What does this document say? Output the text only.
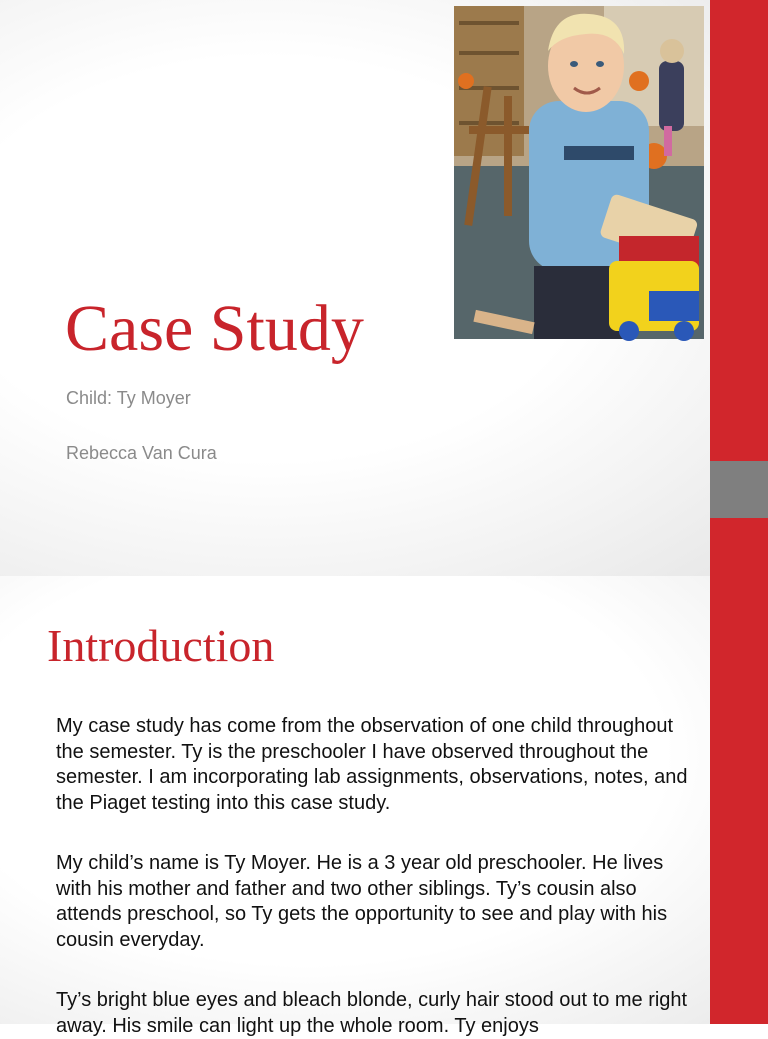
Case Study
Child: Ty Moyer
Rebecca Van Cura
Introduction

My case study has come from the observation of one child throughout the semester. Ty is the preschooler I have observed throughout the semester. I am incorporating lab assignments, observations, notes, and the Piaget testing into this case study.

My child’s name is Ty Moyer. He is a 3 year old preschooler. He lives with his mother and father and two other siblings. Ty’s cousin also attends preschool, so Ty gets the opportunity to see and play with his cousin everyday.

Ty’s bright blue eyes and bleach blonde, curly hair stood out to me right away. His smile can light up the whole room. Ty enjoys
